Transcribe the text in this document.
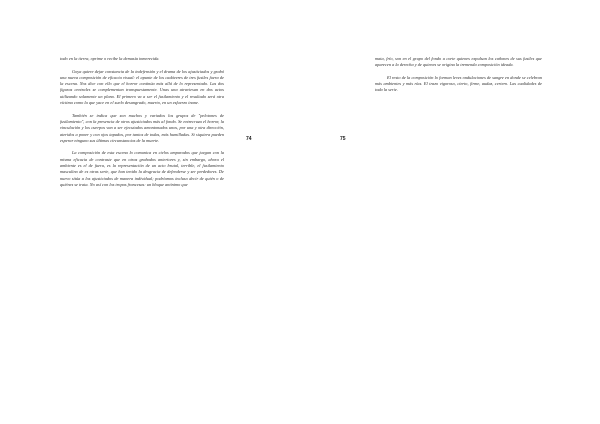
todo en la tierra, oprime o recibe la demasía inmerecida.

Goya quiere dejar constancia de la indefensión y el drama de los ajusticiados y grabó una nueva composición de eficacia visual: el apunte de los cadáveres de tres fusiles fuera de la escena. Nos dice con ello que el horror continúa más allá de lo representado. Las dos figuras centrales se complementan transpuestamente. Unas una atraviesan en dos actos utilizando solamente un plano. El primero va a ser el fusilamiento y el resultado será otra víctima como la que yace en el suelo desangrado, muerto, en un esfuerzo inane.

También se indica que son muchos y variados los grupos de "pelotones de fusilamiento", con la presencia de otros ajusticiados más al fondo. Se entrecruza el horror, la vinculación y los cuerpos van a ser ejecutados amontonados unos, por una y otra dirección, ateridos a poner y con ojos tapados, por tantos de todas, más humilladas. Si siquiera pueden esperar ninguno sus últimas circunstancias de la muerte.

La composición de esta escena lo comunica en cielos amparados que juegan con la misma eficacia de contraste que en otras grabados anteriores y, sin embargo, ahora el ambiente es el de fuera, es la representación de un acto brutal, terrible, el fusilamiento masculino de es otras serie, que han tenido la desgracia de defenderse y ser perdedores. De nuevo sitúa a los ajusticiados de manera individual; podríamos incluso decir de quién o de quiénes se trata. No así con los tropas francesas: un bloque anónimo que

74	75

mata, frío, son en el grupo del fondo a corte quienes expulsan los cañones de sus fusiles que aparecen a la derecha y de quienes se origina la tremenda composición ideada.

El resto de la composición lo forman leves ondulaciones de sangre en donde se celebran más ambientes y más rías. El trazo vigoroso, cierto, firme, audaz, certero. Las cualidades de toda la serie.
